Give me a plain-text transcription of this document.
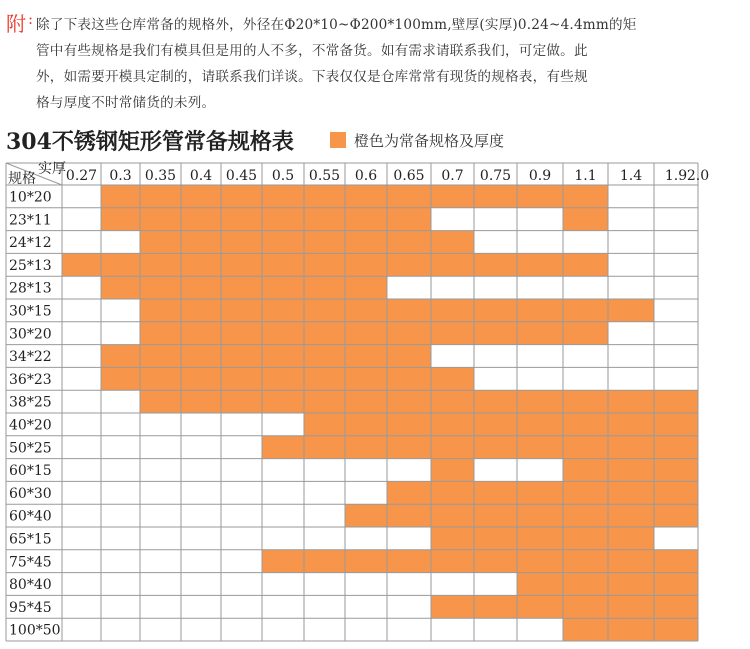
附 : 除了下表这些仓库常备的规格外，外径在Φ20*10~Φ200*100mm,壁厚(实厚)0.24~4.4mm的矩
管中有些规格是我们有模具但是用的人不多，不常备货。如有需求请联系我们，可定做。此
外，如需要开模具定制的，请联系我们详谈。下表仅仅是仓库常常有现货的规格表，有些规
格与厚度不时常储货的未列。
304不锈钢矩形管常备规格表	橙色为常备规格及厚度
实厚
规格 0.27 0.3 0.35 0.4 0.45 0.5 0.55 0.6 0.65 0.7 0.75 0.9 1.1 1.4 1.9 2.0
10*20
23*11
24*12
25*13
28*13
30*15
30*20
34*22
36*23
38*25
40*20
50*25
60*15
60*30
60*40
65*15
75*45
80*40
95*45
100*50
